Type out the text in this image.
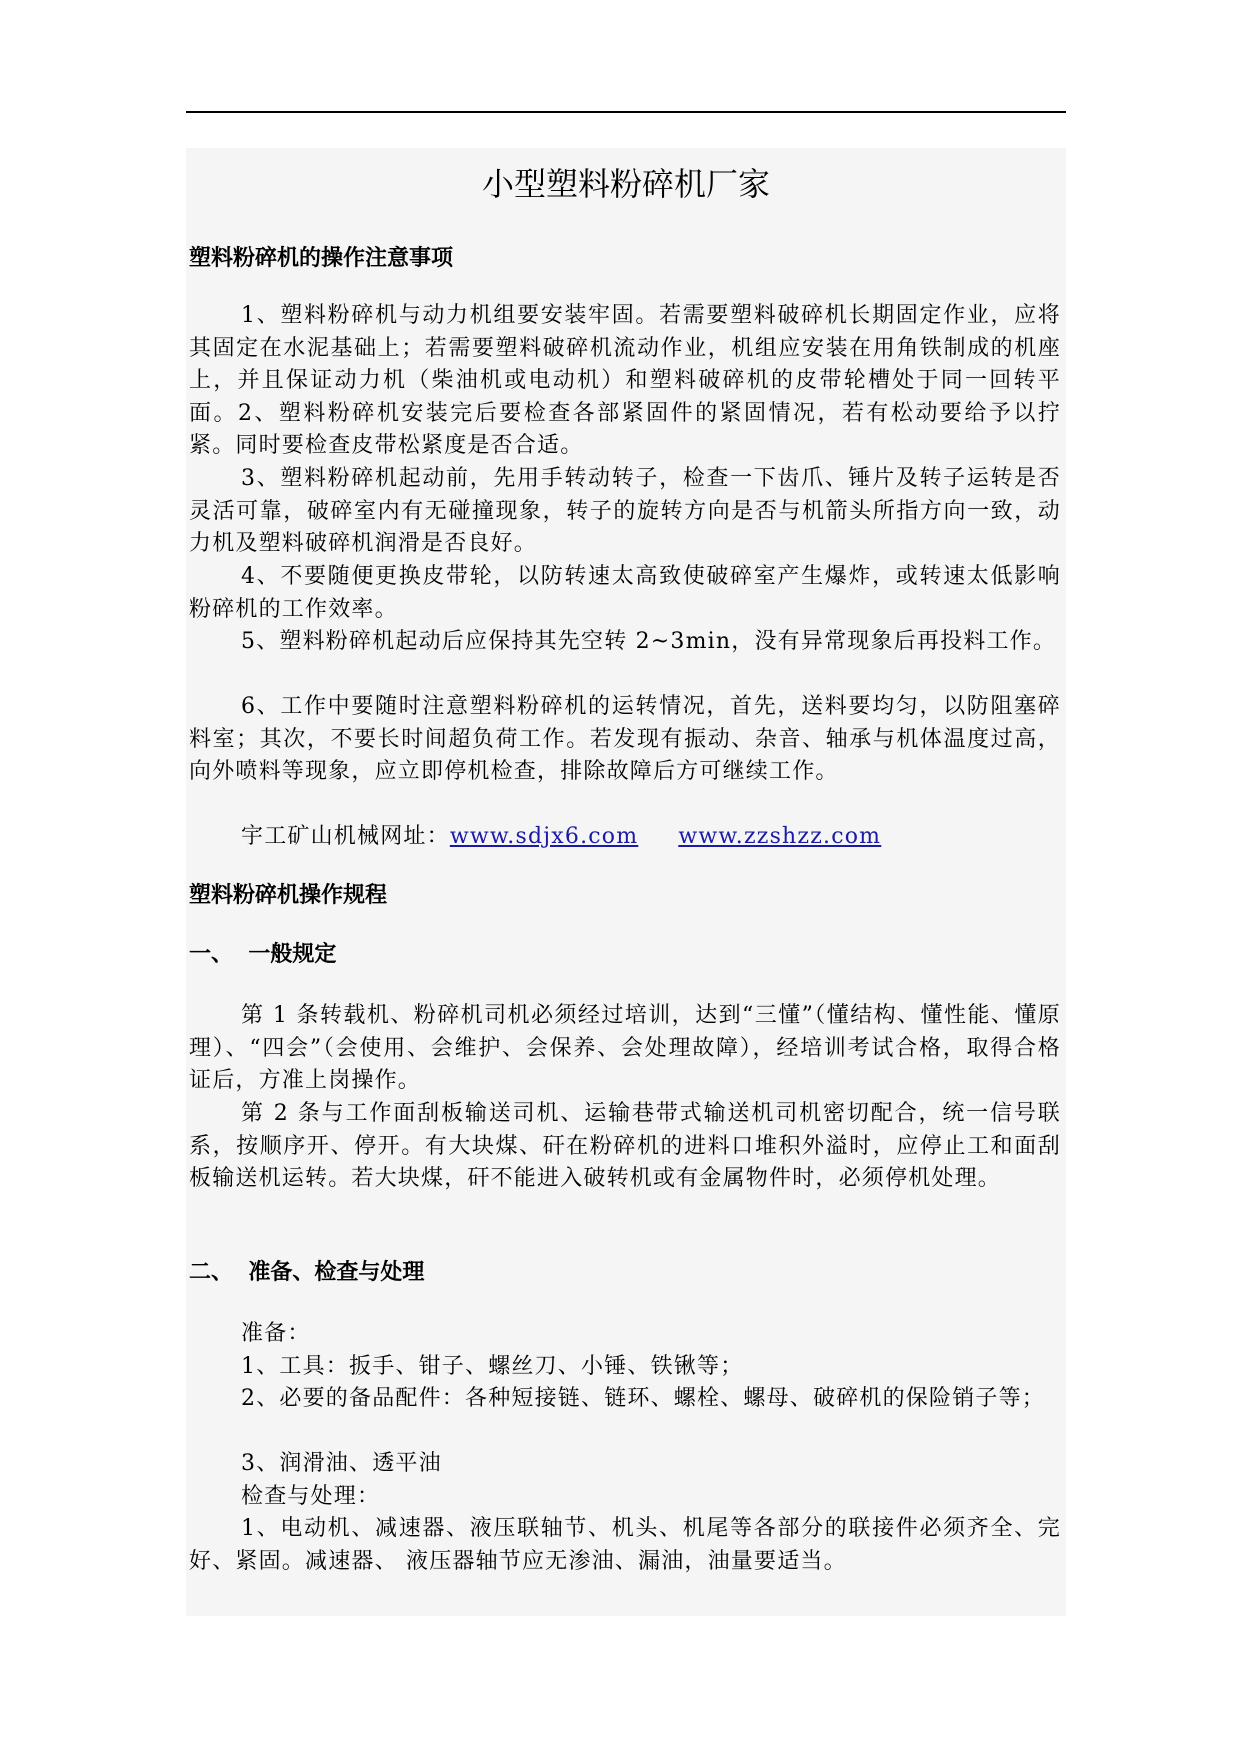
小型塑料粉碎机厂家
塑料粉碎机的操作注意事项

1、塑料粉碎机与动力机组要安装牢固。若需要塑料破碎机长期固定作业，应将其固定在水泥基础上；若需要塑料破碎机流动作业，机组应安装在用角铁制成的机座上，并且保证动力机（柴油机或电动机）和塑料破碎机的皮带轮槽处于同一回转平面。2、塑料粉碎机安装完后要检查各部紧固件的紧固情况，若有松动要给予以拧紧。同时要检查皮带松紧度是否合适。

3、塑料粉碎机起动前，先用手转动转子，检查一下齿爪、锤片及转子运转是否灵活可靠，破碎室内有无碰撞现象，转子的旋转方向是否与机箭头所指方向一致，动力机及塑料破碎机润滑是否良好。

4、不要随便更换皮带轮，以防转速太高致使破碎室产生爆炸，或转速太低影响粉碎机的工作效率。

5、塑料粉碎机起动后应保持其先空转 2~3min，没有异常现象后再投料工作。

6、工作中要随时注意塑料粉碎机的运转情况，首先，送料要均匀，以防阻塞碎料室；其次，不要长时间超负荷工作。若发现有振动、杂音、轴承与机体温度过高，向外喷料等现象，应立即停机检查，排除故障后方可继续工作。

宇工矿山机械网址：www.sdjx6.com www.zzshzz.com

塑料粉碎机操作规程
一、  一般规定

第 1 条转载机、粉碎机司机必须经过培训，达到“三懂”（懂结构、懂性能、懂原理）、“四会”（会使用、会维护、会保养、会处理故障），经培训考试合格，取得合格证后，方准上岗操作。

第 2 条与工作面刮板输送司机、运输巷带式输送机司机密切配合，统一信号联系，按顺序开、停开。有大块煤、矸在粉碎机的进料口堆积外溢时，应停止工和面刮板输送机运转。若大块煤，矸不能进入破转机或有金属物件时，必须停机处理。

二、  准备、检查与处理

准备：

1、工具：扳手、钳子、螺丝刀、小锤、铁锹等；

2、必要的备品配件：各种短接链、链环、螺栓、螺母、破碎机的保险销子等；

3、润滑油、透平油

检查与处理：

1、电动机、减速器、液压联轴节、机头、机尾等各部分的联接件必须齐全、完好、紧固。减速器、 液压器轴节应无渗油、漏油，油量要适当。
